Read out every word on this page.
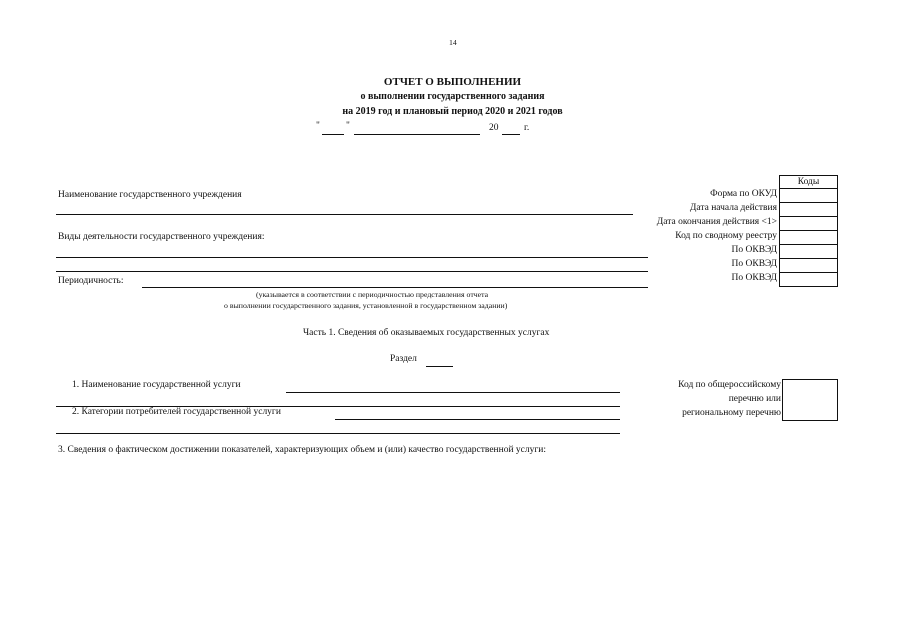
14
ОТЧЕТ О ВЫПОЛНЕНИИ
о выполнении государственного задания
на 2019 год и плановый период 2020 и 2021 годов
"	"	20	г.
Коды
Форма по ОКУД
Дата начала действия
Дата окончания действия <1>
Код по сводному реестру
По ОКВЭД
По ОКВЭД
По ОКВЭД
Наименование государственного учреждения
Виды деятельности государственного учреждения:
Периодичность:
(указывается в соответствии с периодичностью представления отчета
о выполнении государственного задания, установленной в государственном задании)
Часть 1. Сведения об оказываемых государственных услугах
Раздел
1. Наименование государственной услуги
2. Категории потребителей государственной услуги
Код по общероссийскому
перечню или
региональному перечню
3. Сведения о фактическом достижении показателей, характеризующих объем и (или) качество государственной услуги:
